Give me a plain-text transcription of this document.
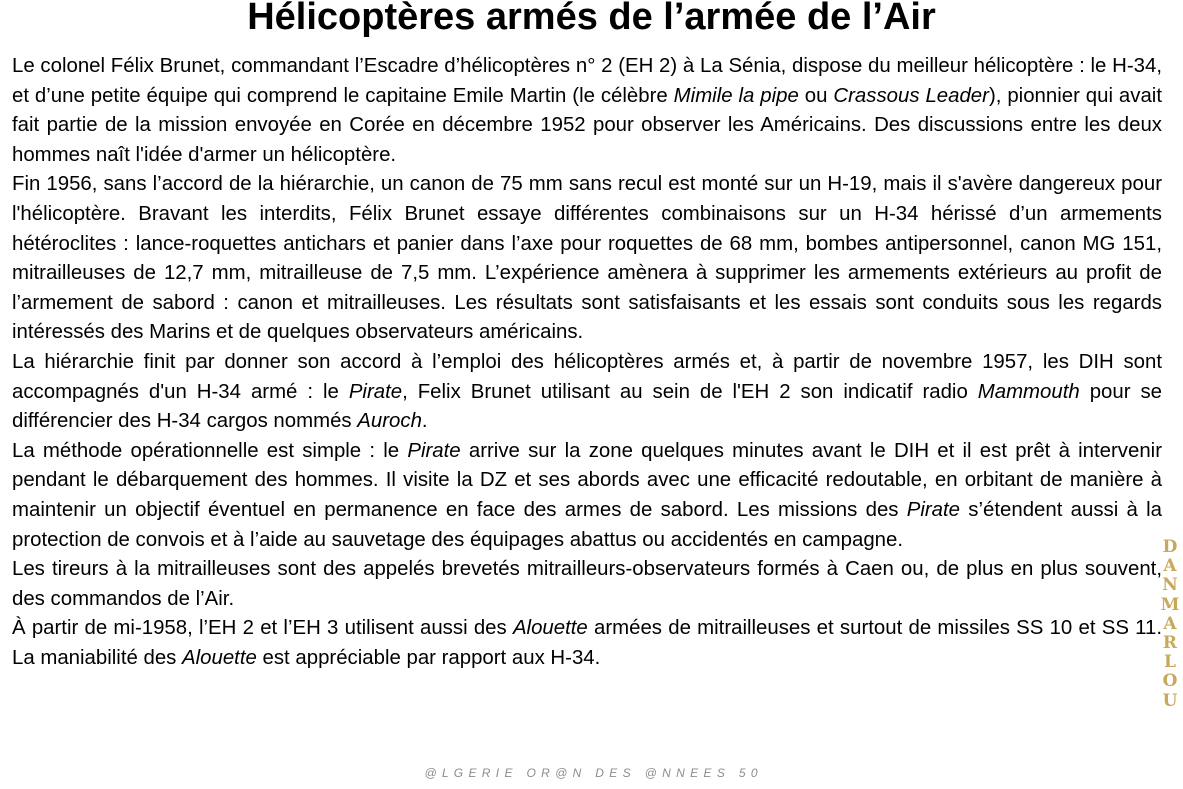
Hélicoptères armés de l’armée de l’Air

Le colonel Félix Brunet, commandant l’Escadre d’hélicoptères n° 2 (EH 2) à La Sénia, dispose du meilleur hélicoptère : le H-34, et d’une petite équipe qui comprend le capitaine Emile Martin (le célèbre Mimile la pipe ou Crassous Leader), pionnier qui avait fait partie de la mission envoyée en Corée en décembre 1952 pour observer les Américains. Des discussions entre les deux hommes naît l'idée d'armer un hélicoptère.

Fin 1956, sans l’accord de la hiérarchie, un canon de 75 mm sans recul est monté sur un H-19, mais il s'avère dangereux pour l'hélicoptère. Bravant les interdits, Félix Brunet essaye différentes combinaisons sur un H-34 hérissé d’un armements hétéroclites : lance-roquettes antichars et panier dans l’axe pour roquettes de 68 mm, bombes antipersonnel, canon MG 151, mitrailleuses de 12,7 mm, mitrailleuse de 7,5 mm. L’expérience amènera à supprimer les armements extérieurs au profit de l’armement de sabord : canon et mitrailleuses. Les résultats sont satisfaisants et les essais sont conduits sous les regards intéressés des Marins et de quelques observateurs américains.

La hiérarchie finit par donner son accord à l’emploi des hélicoptères armés et, à partir de novembre 1957, les DIH sont accompagnés d'un H-34 armé : le Pirate, Felix Brunet utilisant au sein de l'EH 2 son indicatif radio Mammouth pour se différencier des H-34 cargos nommés Auroch.

La méthode opérationnelle est simple : le Pirate arrive sur la zone quelques minutes avant le DIH et il est prêt à intervenir pendant le débarquement des hommes. Il visite la DZ et ses abords avec une efficacité redoutable, en orbitant de manière à maintenir un objectif éventuel en permanence en face des armes de sabord. Les missions des Pirate s’étendent aussi à la protection de convois et à l’aide au sauvetage des équipages abattus ou accidentés en campagne.

Les tireurs à la mitrailleuses sont des appelés brevetés mitrailleurs-observateurs formés à Caen ou, de plus en plus souvent, des commandos de l’Air.

À partir de mi-1958, l’EH 2 et l’EH 3 utilisent aussi des Alouette armées de mitrailleuses et surtout de missiles SS 10 et SS 11. La maniabilité des Alouette est appréciable par rapport aux H-34.

D
A
N
M
A
R
L
O
U
@ L G E R I E   O R @ N   D E S   @ N N E E S   5 0
